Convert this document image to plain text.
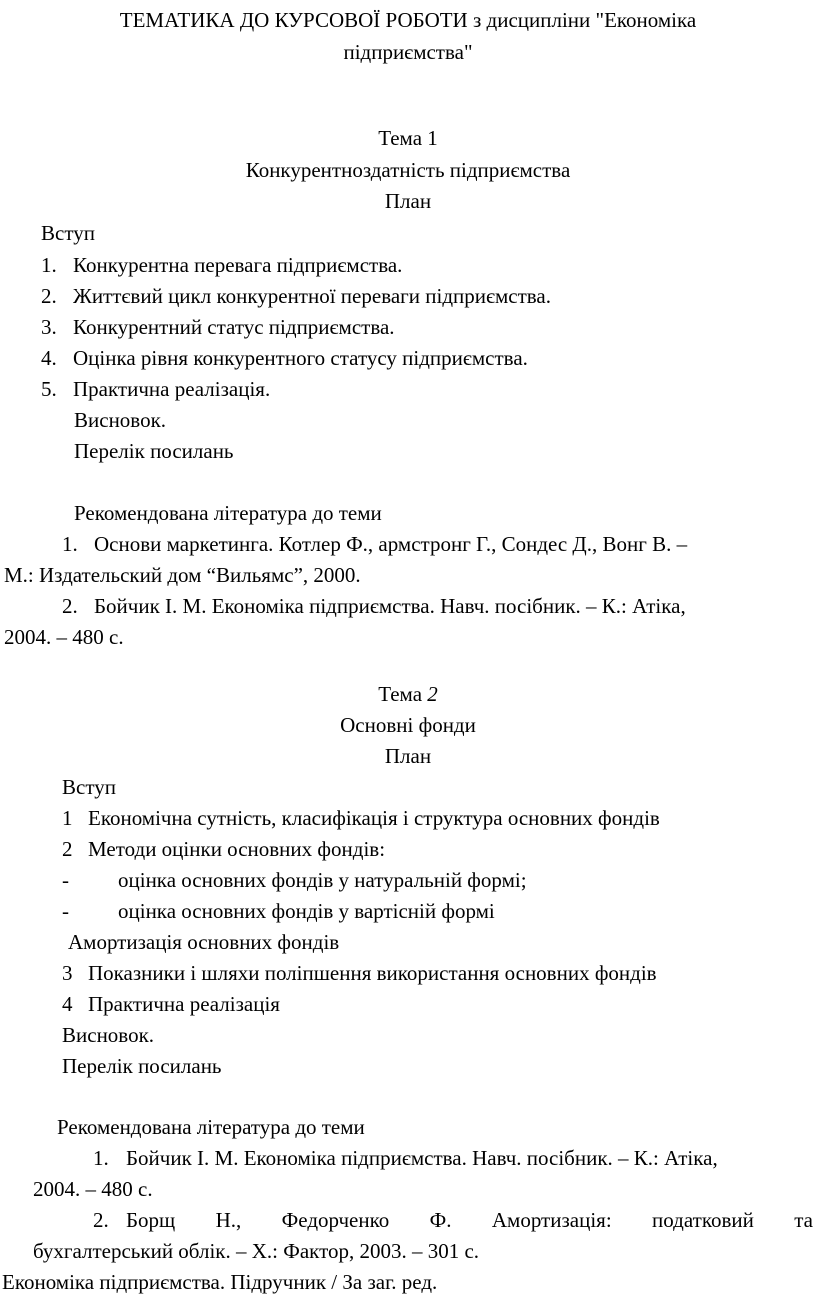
ТЕМАТИКА ДО КУРСОВОЇ РОБОТИ з дисципліни "Економіка
підприємства"
Тема 1
Конкурентноздатність підприємства
План
Вступ
1. Конкурентна перевага підприємства.
2. Життєвий цикл конкурентної переваги підприємства.
3. Конкурентний статус підприємства.
4. Оцінка рівня конкурентного статусу підприємства.
5. Практична реалізація.
Висновок.
Перелік посилань
Рекомендована література до теми
1. Основи маркетинга. Котлер Ф., армстронг Г., Сондес Д., Вонг В. –
М.: Издательский дом “Вильямс”, 2000.
2. Бойчик І. М. Економіка підприємства. Навч. посібник. – К.: Атіка,
2004. – 480 с.
Тема 2
Основні фонди
План
Вступ
1 Економічна сутність, класифікація і структура основних фондів
2 Методи оцінки основних фондів:
- оцінка основних фондів у натуральній формі;
- оцінка основних фондів у вартісній формі
Амортизація основних фондів
3 Показники і шляхи поліпшення використання основних фондів
4 Практична реалізація
Висновок.
Перелік посилань
Рекомендована література до теми
1. Бойчик І. М. Економіка підприємства. Навч. посібник. – К.: Атіка,
2004. – 480 с.
2. Борщ Н., Федорченко Ф. Амортизація: податковий та
бухгалтерський облік. – Х.: Фактор, 2003. – 301 с.
Економіка підприємства. Підручник / За заг. ред.
